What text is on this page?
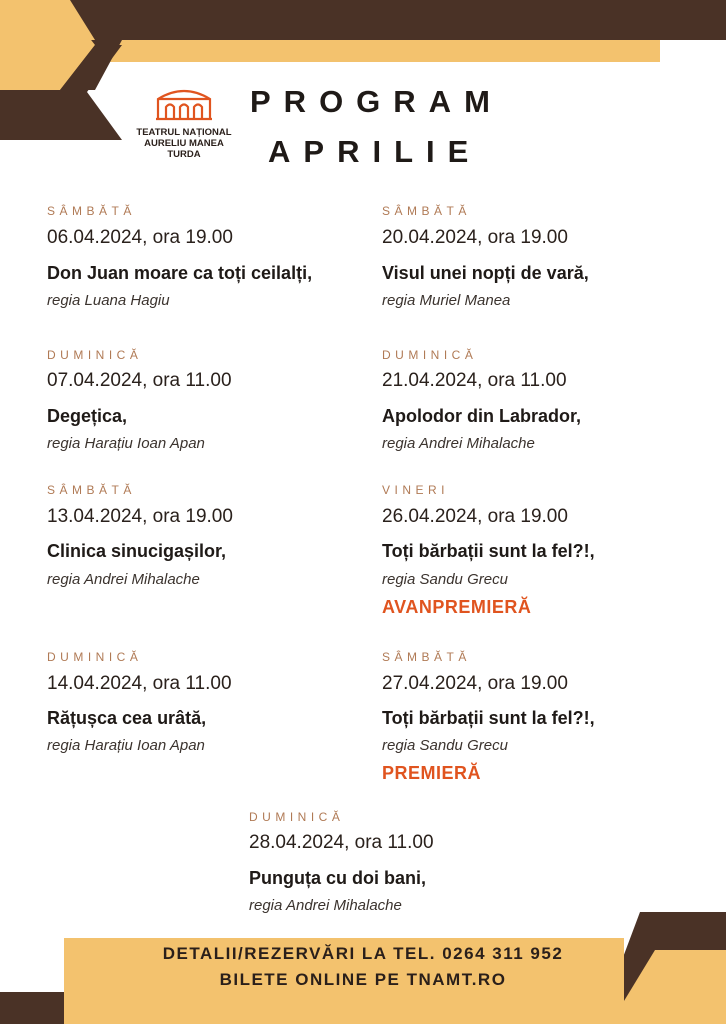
TEATRUL NAȚIONAL
AURELIU MANEA
TURDA
PROGRAM
APRILIE
SÂMBĂTĂ
06.04.2024, ora 19.00
Don Juan moare ca toți ceilalți,
regia Luana Hagiu
DUMINICĂ
07.04.2024, ora 11.00
Degețica,
regia Harațiu Ioan Apan
SÂMBĂTĂ
13.04.2024, ora 19.00
Clinica sinucigașilor,
regia Andrei Mihalache
DUMINICĂ
14.04.2024, ora 11.00
Rățușca cea urâtă,
regia Harațiu Ioan Apan
SÂMBĂTĂ
20.04.2024, ora 19.00
Visul unei nopți de vară,
regia Muriel Manea
DUMINICĂ
21.04.2024, ora 11.00
Apolodor din Labrador,
regia Andrei Mihalache
VINERI
26.04.2024, ora 19.00
Toți bărbații sunt la fel?!,
regia Sandu Grecu
AVANPREMIERĂ
SÂMBĂTĂ
27.04.2024, ora 19.00
Toți bărbații sunt la fel?!,
regia Sandu Grecu
PREMIERĂ
DUMINICĂ
28.04.2024, ora 11.00
Punguța cu doi bani,
regia Andrei Mihalache
DETALII/REZERVĂRI LA TEL. 0264 311 952
BILETE ONLINE PE TNAMT.RO
